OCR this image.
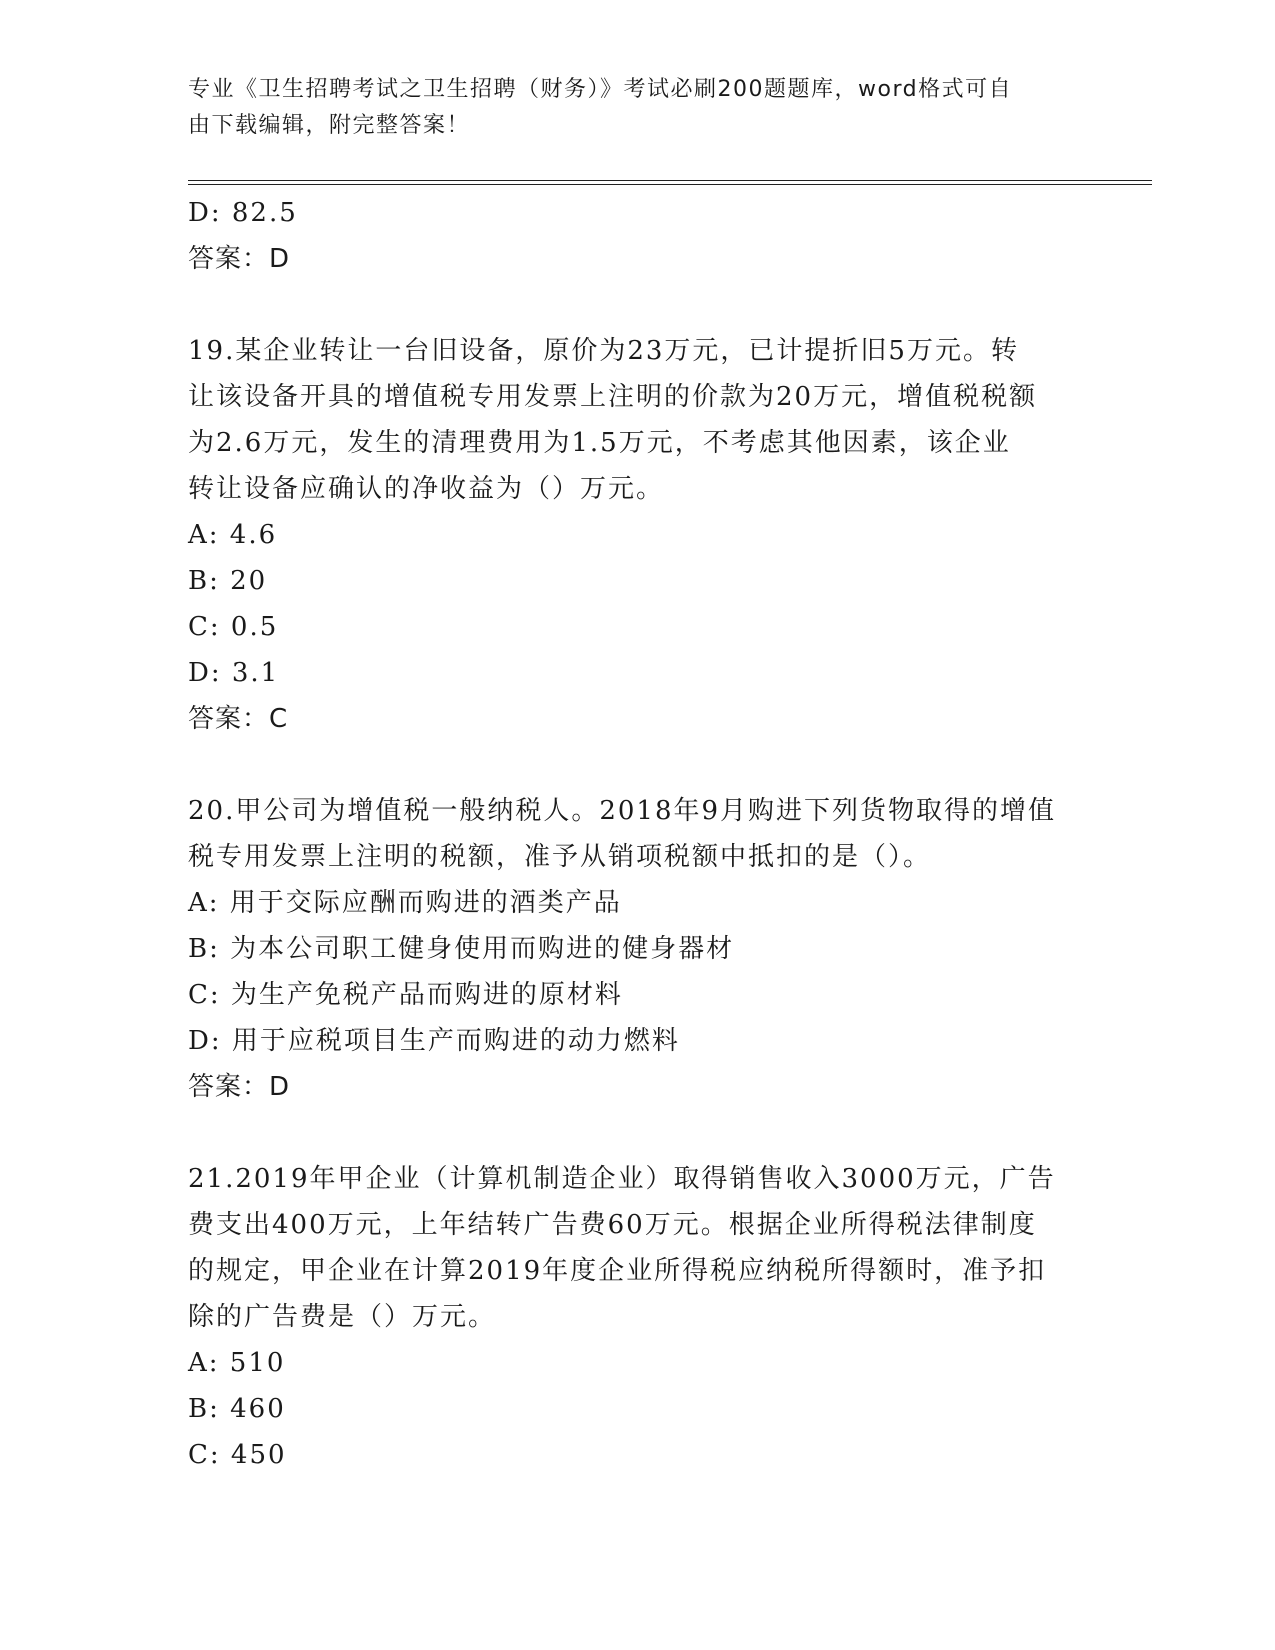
专业《卫生招聘考试之卫生招聘（财务）》考试必刷200题题库，word格式可自
由下载编辑，附完整答案！
D: 82.5
答案：D
19.某企业转让一台旧设备，原价为23万元，已计提折旧5万元。转
让该设备开具的增值税专用发票上注明的价款为20万元，增值税税额
为2.6万元，发生的清理费用为1.5万元，不考虑其他因素，该企业
转让设备应确认的净收益为（）万元。
A: 4.6
B: 20
C: 0.5
D: 3.1
答案：C
20.甲公司为增值税一般纳税人。2018年9月购进下列货物取得的增值
税专用发票上注明的税额，准予从销项税额中抵扣的是（）。
A: 用于交际应酬而购进的酒类产品
B: 为本公司职工健身使用而购进的健身器材
C: 为生产免税产品而购进的原材料
D: 用于应税项目生产而购进的动力燃料
答案：D
21.2019年甲企业（计算机制造企业）取得销售收入3000万元，广告
费支出400万元，上年结转广告费60万元。根据企业所得税法律制度
的规定，甲企业在计算2019年度企业所得税应纳税所得额时，准予扣
除的广告费是（）万元。
A: 510
B: 460
C: 450
